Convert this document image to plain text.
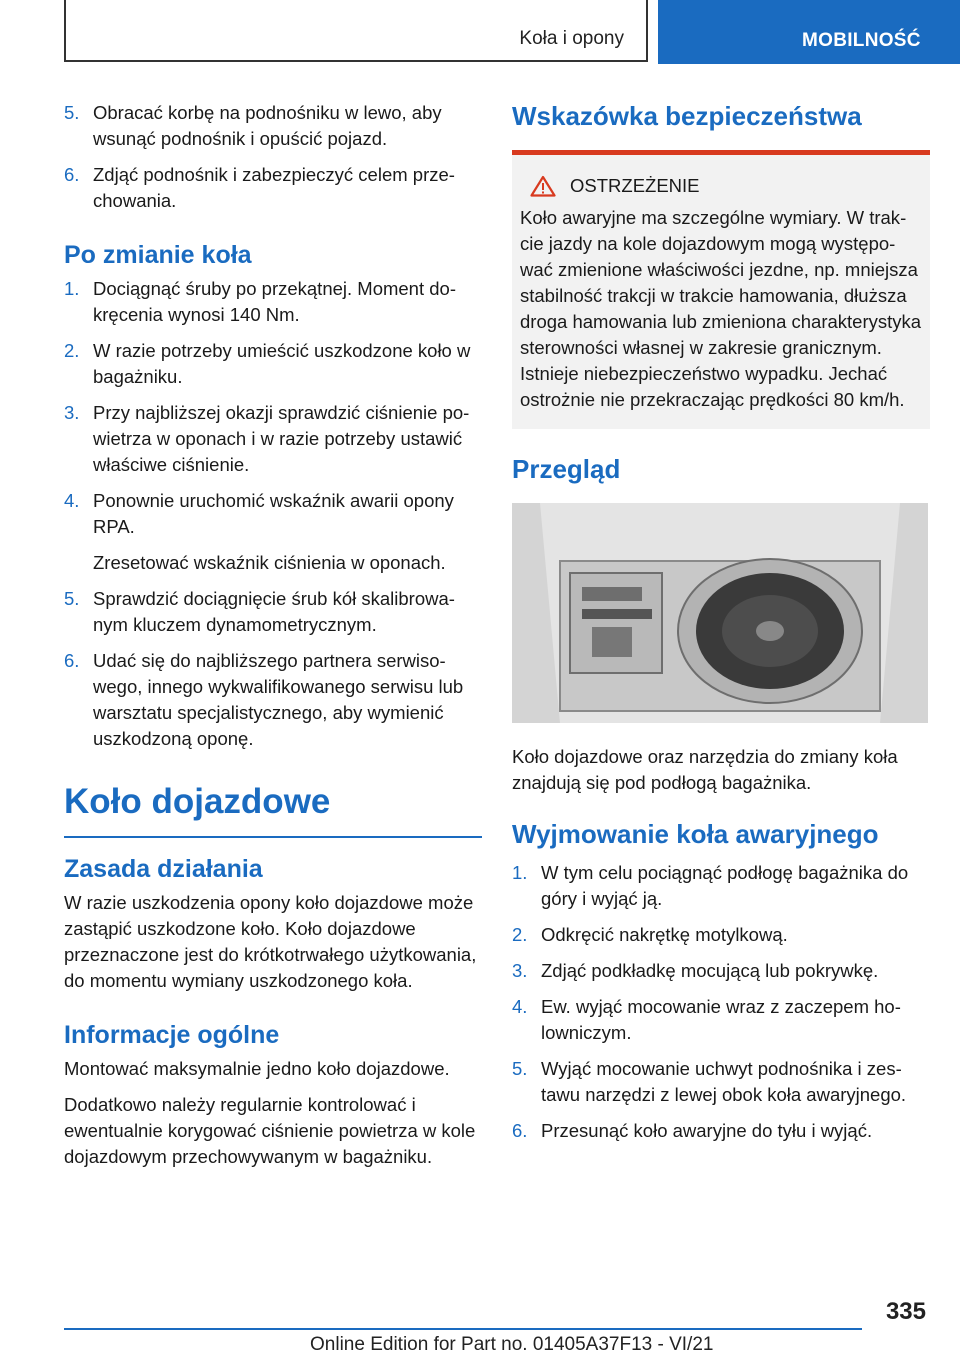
Koła i opony	MOBILNOŚĆ
5. Obracać korbę na podnośniku w lewo, aby wsunąć podnośnik i opuścić pojazd.
6. Zdjąć podnośnik i zabezpieczyć celem przechowania.
Po zmianie koła
1. Dociągnąć śruby po przekątnej. Moment dokręcenia wynosi 140 Nm.
2. W razie potrzeby umieścić uszkodzone koło w bagażniku.
3. Przy najbliższej okazji sprawdzić ciśnienie powietrza w oponach i w razie potrzeby ustawić właściwe ciśnienie.
4. Ponownie uruchomić wskaźnik awarii opony RPA.
Zresetować wskaźnik ciśnienia w oponach.
5. Sprawdzić dociągnięcie śrub kół skalibrowanym kluczem dynamometrycznym.
6. Udać się do najbliższego partnera serwisowego, innego wykwalifikowanego serwisu lub warsztatu specjalistycznego, aby wymienić uszkodzoną oponę.
Koło dojazdowe
Zasada działania

W razie uszkodzenia opony koło dojazdowe może zastąpić uszkodzone koło. Koło dojazdowe przeznaczone jest do krótkotrwałego użytkowania, do momentu wymiany uszkodzonego koła.

Informacje ogólne

Montować maksymalnie jedno koło dojazdowe.

Dodatkowo należy regularnie kontrolować i ewentualnie korygować ciśnienie powietrza w kole dojazdowym przechowywanym w bagażniku.

Wskazówka bezpieczeństwa
OSTRZEŻENIE
Koło awaryjne ma szczególne wymiary. W trakcie jazdy na kole dojazdowym mogą występować zmienione właściwości jezdne, np. mniejsza stabilność trakcji w trakcie hamowania, dłuższa droga hamowania lub zmieniona charakterystyka sterowności własnej w zakresie granicznym. Istnieje niebezpieczeństwo wypadku. Jechać ostrożnie nie przekraczając prędkości 80 km/h.
Przegląd

Koło dojazdowe oraz narzędzia do zmiany koła znajdują się pod podłogą bagażnika.

Wyjmowanie koła awaryjnego
1. W tym celu pociągnąć podłogę bagażnika do góry i wyjąć ją.
2. Odkręcić nakrętkę motylkową.
3. Zdjąć podkładkę mocującą lub pokrywkę.
4. Ew. wyjąć mocowanie wraz z zaczepem holowniczym.
5. Wyjąć mocowanie uchwyt podnośnika i zestawu narzędzi z lewej obok koła awaryjnego.
6. Przesunąć koło awaryjne do tyłu i wyjąć.
335
Online Edition for Part no. 01405A37F13 - VI/21
